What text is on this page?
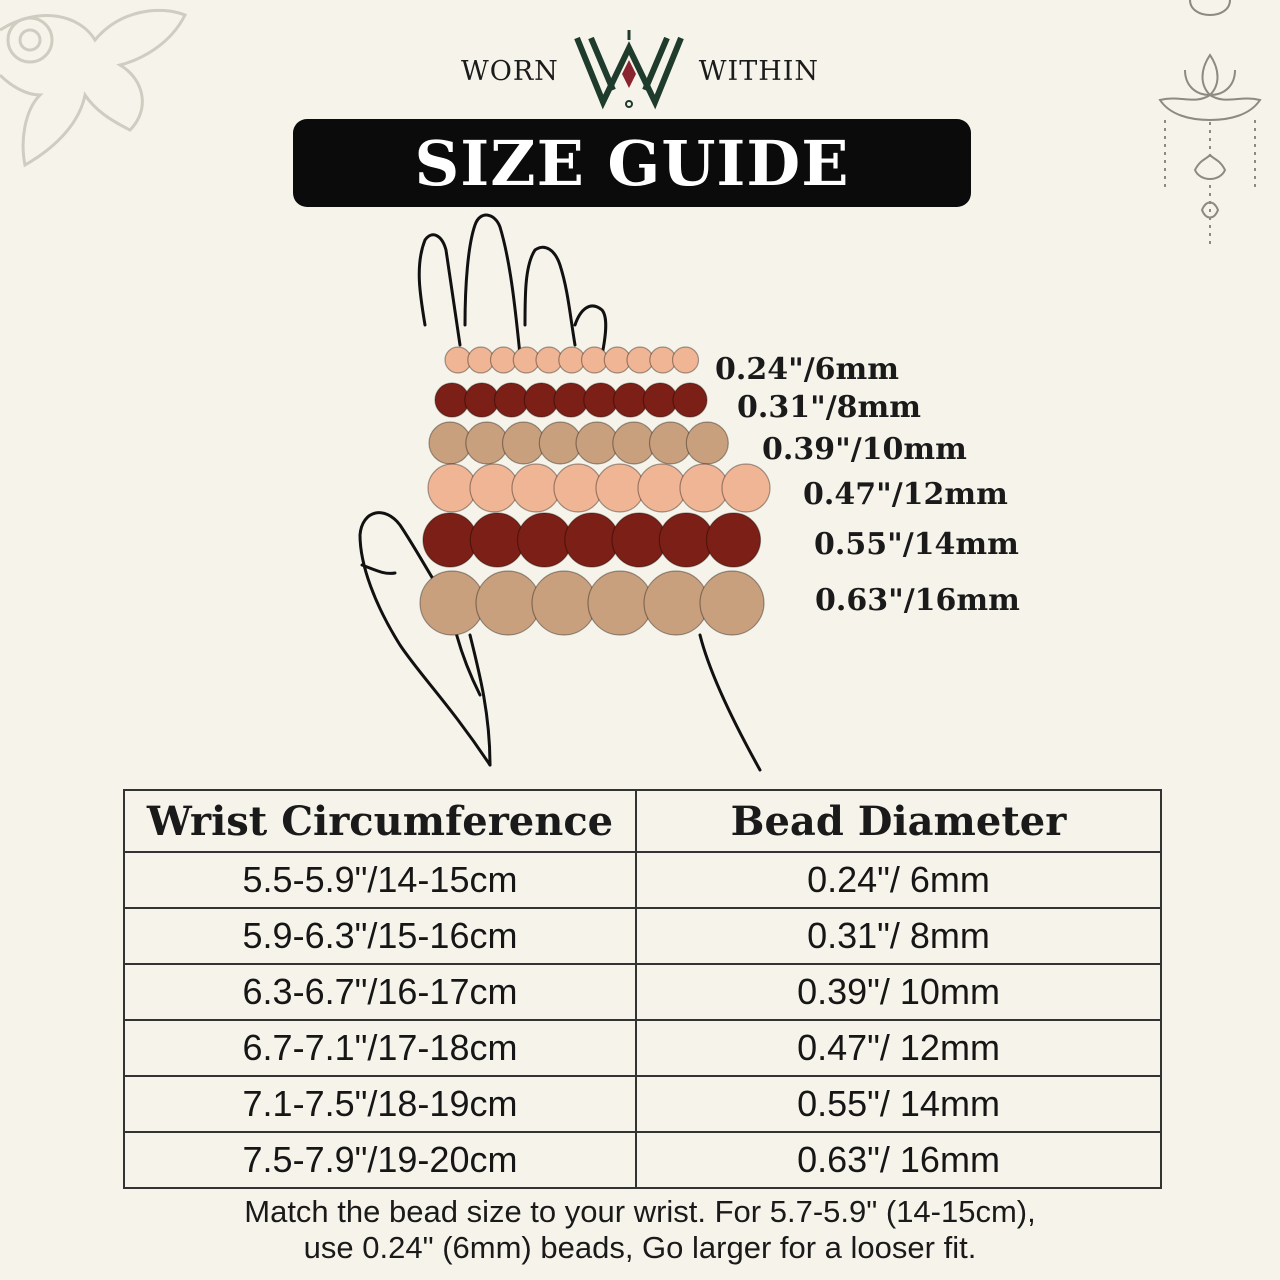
WORN	WITHIN
SIZE GUIDE
0.24"/6mm
0.31"/8mm
0.39"/10mm
0.47"/12mm
0.55"/14mm
0.63"/16mm
Wrist Circumference	Bead Diameter
5.5-5.9"/14-15cm	0.24"/ 6mm
5.9-6.3"/15-16cm	0.31"/ 8mm
6.3-6.7"/16-17cm	0.39"/ 10mm
6.7-7.1"/17-18cm	0.47"/ 12mm
7.1-7.5"/18-19cm	0.55"/ 14mm
7.5-7.9"/19-20cm	0.63"/ 16mm

Match the bead size to your wrist. For 5.7-5.9" (14-15cm),

use 0.24" (6mm) beads, Go larger for a looser fit.
